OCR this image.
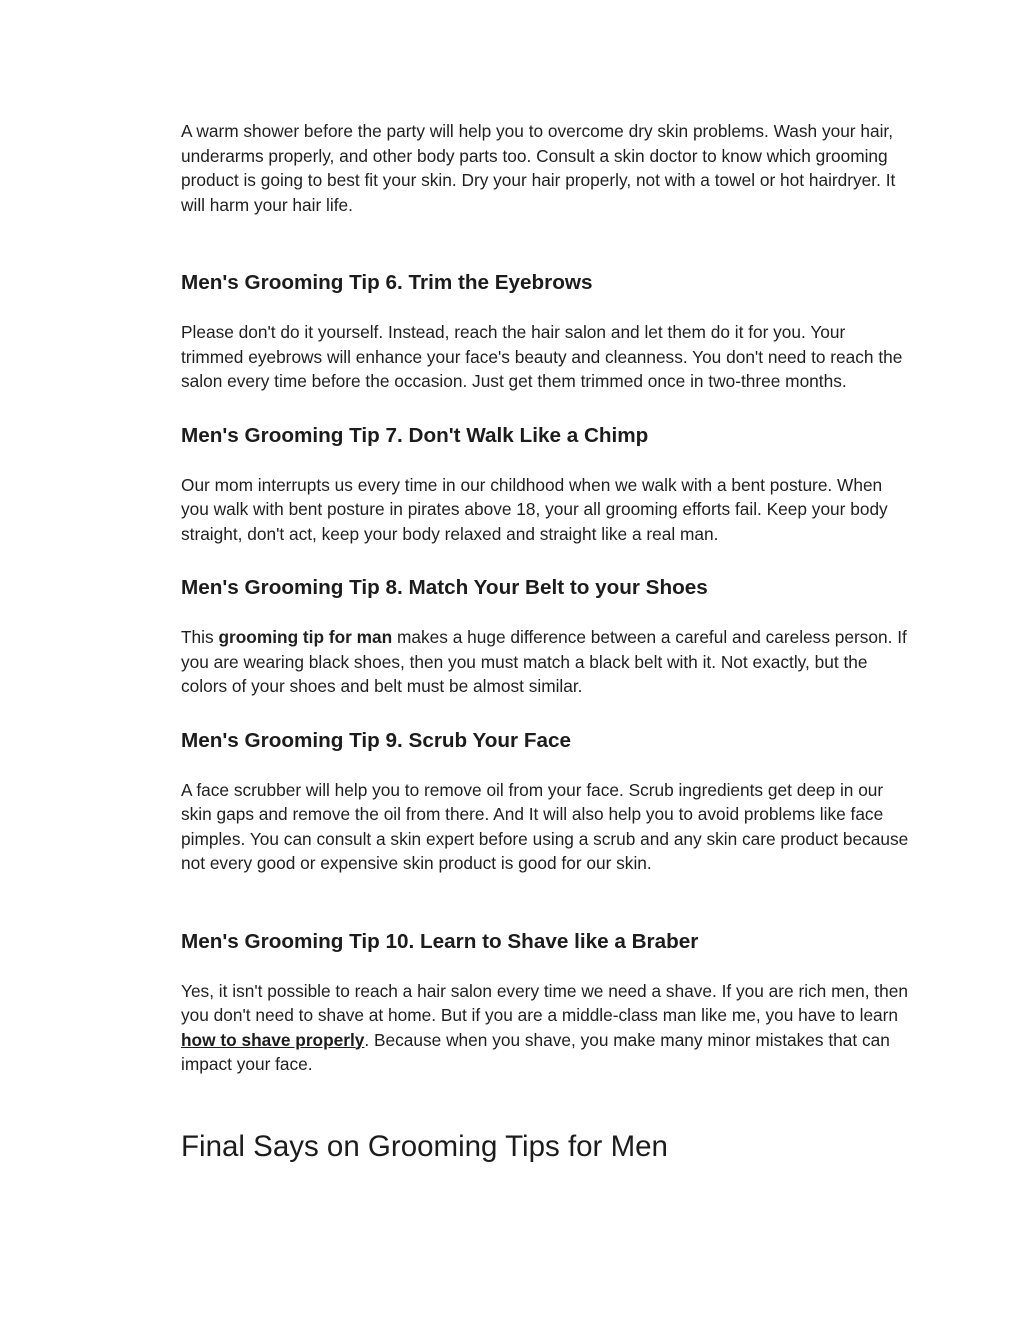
A warm shower before the party will help you to overcome dry skin problems. Wash your hair, underarms properly, and other body parts too. Consult a skin doctor to know which grooming product is going to best fit your skin. Dry your hair properly, not with a towel or hot hairdryer. It will harm your hair life.

Men's Grooming Tip 6. Trim the Eyebrows

Please don't do it yourself. Instead, reach the hair salon and let them do it for you. Your trimmed eyebrows will enhance your face's beauty and cleanness. You don't need to reach the salon every time before the occasion. Just get them trimmed once in two-three months.

Men's Grooming Tip 7. Don't Walk Like a Chimp

Our mom interrupts us every time in our childhood when we walk with a bent posture. When you walk with bent posture in pirates above 18, your all grooming efforts fail. Keep your body straight, don't act, keep your body relaxed and straight like a real man.

Men's Grooming Tip 8. Match Your Belt to your Shoes

This grooming tip for man makes a huge difference between a careful and careless person. If you are wearing black shoes, then you must match a black belt with it. Not exactly, but the colors of your shoes and belt must be almost similar.

Men's Grooming Tip 9. Scrub Your Face

A face scrubber will help you to remove oil from your face. Scrub ingredients get deep in our skin gaps and remove the oil from there. And It will also help you to avoid problems like face pimples. You can consult a skin expert before using a scrub and any skin care product because not every good or expensive skin product is good for our skin.

Men's Grooming Tip 10. Learn to Shave like a Braber

Yes, it isn't possible to reach a hair salon every time we need a shave. If you are rich men, then you don't need to shave at home. But if you are a middle-class man like me, you have to learn how to shave properly. Because when you shave, you make many minor mistakes that can impact your face.

Final Says on Grooming Tips for Men
